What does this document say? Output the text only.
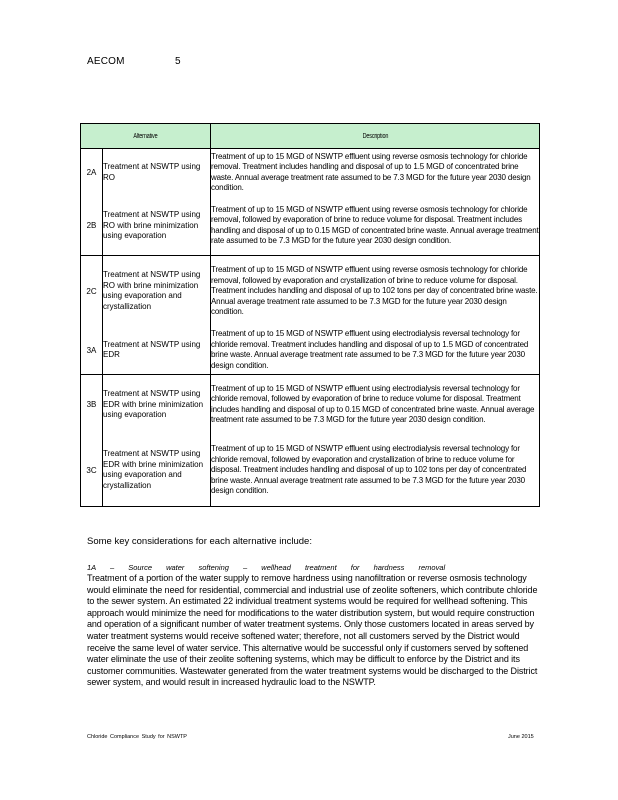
AECOM	5
Alternative		Description
2A	Treatment at NSWTP using RO	Treatment of up to 15 MGD of NSWTP effluent using reverse osmosis technology for chloride removal. Treatment includes handling and disposal of up to 1.5 MGD of concentrated brine waste. Annual average treatment rate assumed to be 7.3 MGD for the future year 2030 design condition.
2B	Treatment at NSWTP using RO with brine minimization using evaporation	Treatment of up to 15 MGD of NSWTP effluent using reverse osmosis technology for chloride removal, followed by evaporation of brine to reduce volume for disposal. Treatment includes handling and disposal of up to 0.15 MGD of concentrated brine waste. Annual average treatment rate assumed to be 7.3 MGD for the future year 2030 design condition.
2C	Treatment at NSWTP using RO with brine minimization using evaporation and crystallization	Treatment of up to 15 MGD of NSWTP effluent using reverse osmosis technology for chloride removal, followed by evaporation and crystallization of brine to reduce volume for disposal. Treatment includes handling and disposal of up to 102 tons per day of concentrated brine waste. Annual average treatment rate assumed to be 7.3 MGD for the future year 2030 design condition.
3A	Treatment at NSWTP using EDR	Treatment of up to 15 MGD of NSWTP effluent using electrodialysis reversal technology for chloride removal. Treatment includes handling and disposal of up to 1.5 MGD of concentrated brine waste. Annual average treatment rate assumed to be 7.3 MGD for the future year 2030 design condition.
3B	Treatment at NSWTP using EDR with brine minimization using evaporation	Treatment of up to 15 MGD of NSWTP effluent using electrodialysis reversal technology for chloride removal, followed by evaporation of brine to reduce volume for disposal. Treatment includes handling and disposal of up to 0.15 MGD of concentrated brine waste. Annual average treatment rate assumed to be 7.3 MGD for the future year 2030 design condition.
3C	Treatment at NSWTP using EDR with brine minimization using evaporation and crystallization	Treatment of up to 15 MGD of NSWTP effluent using electrodialysis reversal technology for chloride removal, followed by evaporation and crystallization of brine to reduce volume for disposal. Treatment includes handling and disposal of up to 102 tons per day of concentrated brine waste. Annual average treatment rate assumed to be 7.3 MGD for the future year 2030 design condition.
Some key considerations for each alternative include:
1A – Source water softening – wellhead treatment for hardness removal
Treatment of a portion of the water supply to remove hardness using nanofiltration or reverse osmosis technology would eliminate the need for residential, commercial and industrial use of zeolite softeners, which contribute chloride to the sewer system. An estimated 22 individual treatment systems would be required for wellhead softening. This approach would minimize the need for modifications to the water distribution system, but would require construction and operation of a significant number of water treatment systems. Only those customers located in areas served by water treatment systems would receive softened water; therefore, not all customers served by the District would receive the same level of water service. This alternative would be successful only if customers served by softened water eliminate the use of their zeolite softening systems, which may be difficult to enforce by the District and its customer communities. Wastewater generated from the water treatment systems would be discharged to the District sewer system, and would result in increased hydraulic load to the NSWTP.
Chloride Compliance Study for NSWTP	June 2015
